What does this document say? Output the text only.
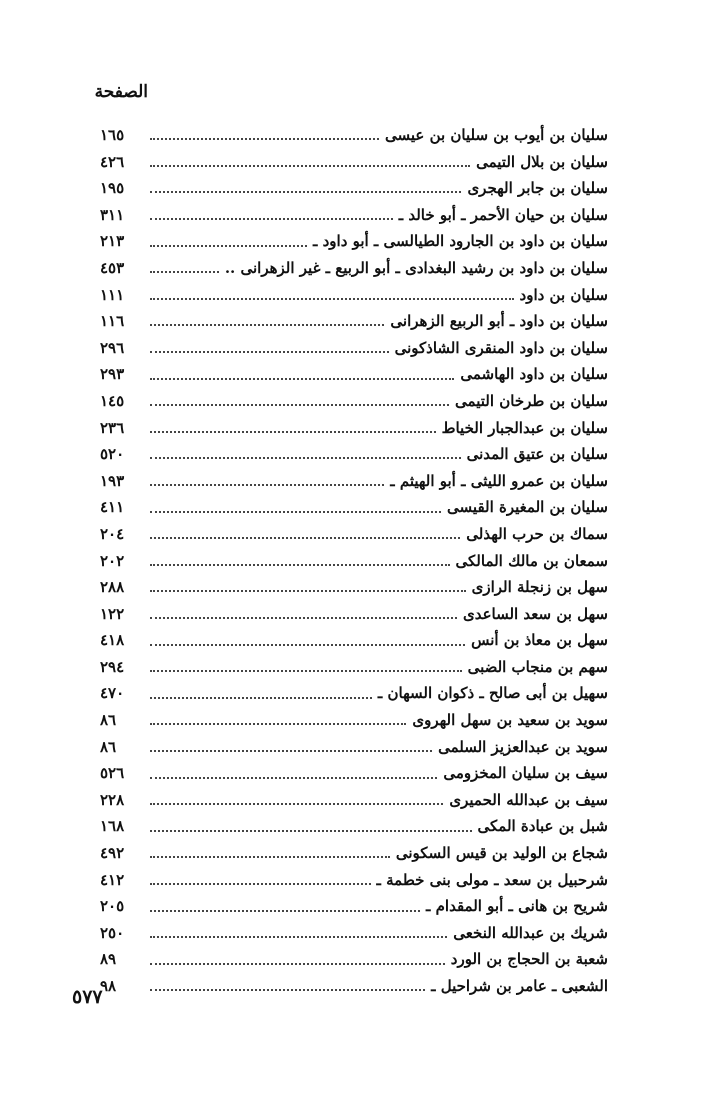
الصفحة
سليان بن أيوب بن سليان بن عيسى
١٦٥
سليان بن بلال التيمى
٤٢٦
سليان بن جابر الهجرى
١٩٥
سليان بن حيان الأحمر ـ أبو خالد ـ
٣١١
سليان بن داود بن الجارود الطيالسى ـ أبو داود ـ
٢١٣
سليان بن داود بن رشيد البغدادى ـ أبو الربيع ـ غير الزهرانى ..
٤٥٣
سليان بن داود
١١١
سليان بن داود ـ أبو الربيع الزهرانى
١١٦
سليان بن داود المنقرى الشاذكونى
٢٩٦
سليان بن داود الهاشمى
٢٩٣
سليان بن طرخان التيمى
١٤٥
سليان بن عبدالجبار الخياط
٢٣٦
سليان بن عتيق المدنى
٥٢٠
سليان بن عمرو الليثى ـ أبو الهيثم ـ
١٩٣
سليان بن المغيرة القيسى
٤١١
سماك بن حرب الهذلى
٢٠٤
سمعان بن مالك المالكى
٢٠٢
سهل بن زنجلة الرازى
٢٨٨
سهل بن سعد الساعدى
١٢٢
سهل بن معاذ بن أنس
٤١٨
سهم بن منجاب الضبى
٢٩٤
سهيل بن أبى صالح ـ ذكوان السهان ـ
٤٧٠
سويد بن سعيد بن سهل الهروى
٨٦
سويد بن عبدالعزيز السلمى
٨٦
سيف بن سليان المخزومى
٥٢٦
سيف بن عبدالله الحميرى
٢٢٨
شبل بن عبادة المكى
١٦٨
شجاع بن الوليد بن قيس السكونى
٤٩٢
شرحبيل بن سعد ـ مولى بنى خطمة ـ
٤١٢
شريح بن هانى ـ أبو المقدام ـ
٢٠٥
شريك بن عبدالله النخعى
٢٥٠
شعبة بن الحجاج بن الورد
٨٩
الشعبى ـ عامر بن شراحيل ـ
٩٨
٥٧٧
